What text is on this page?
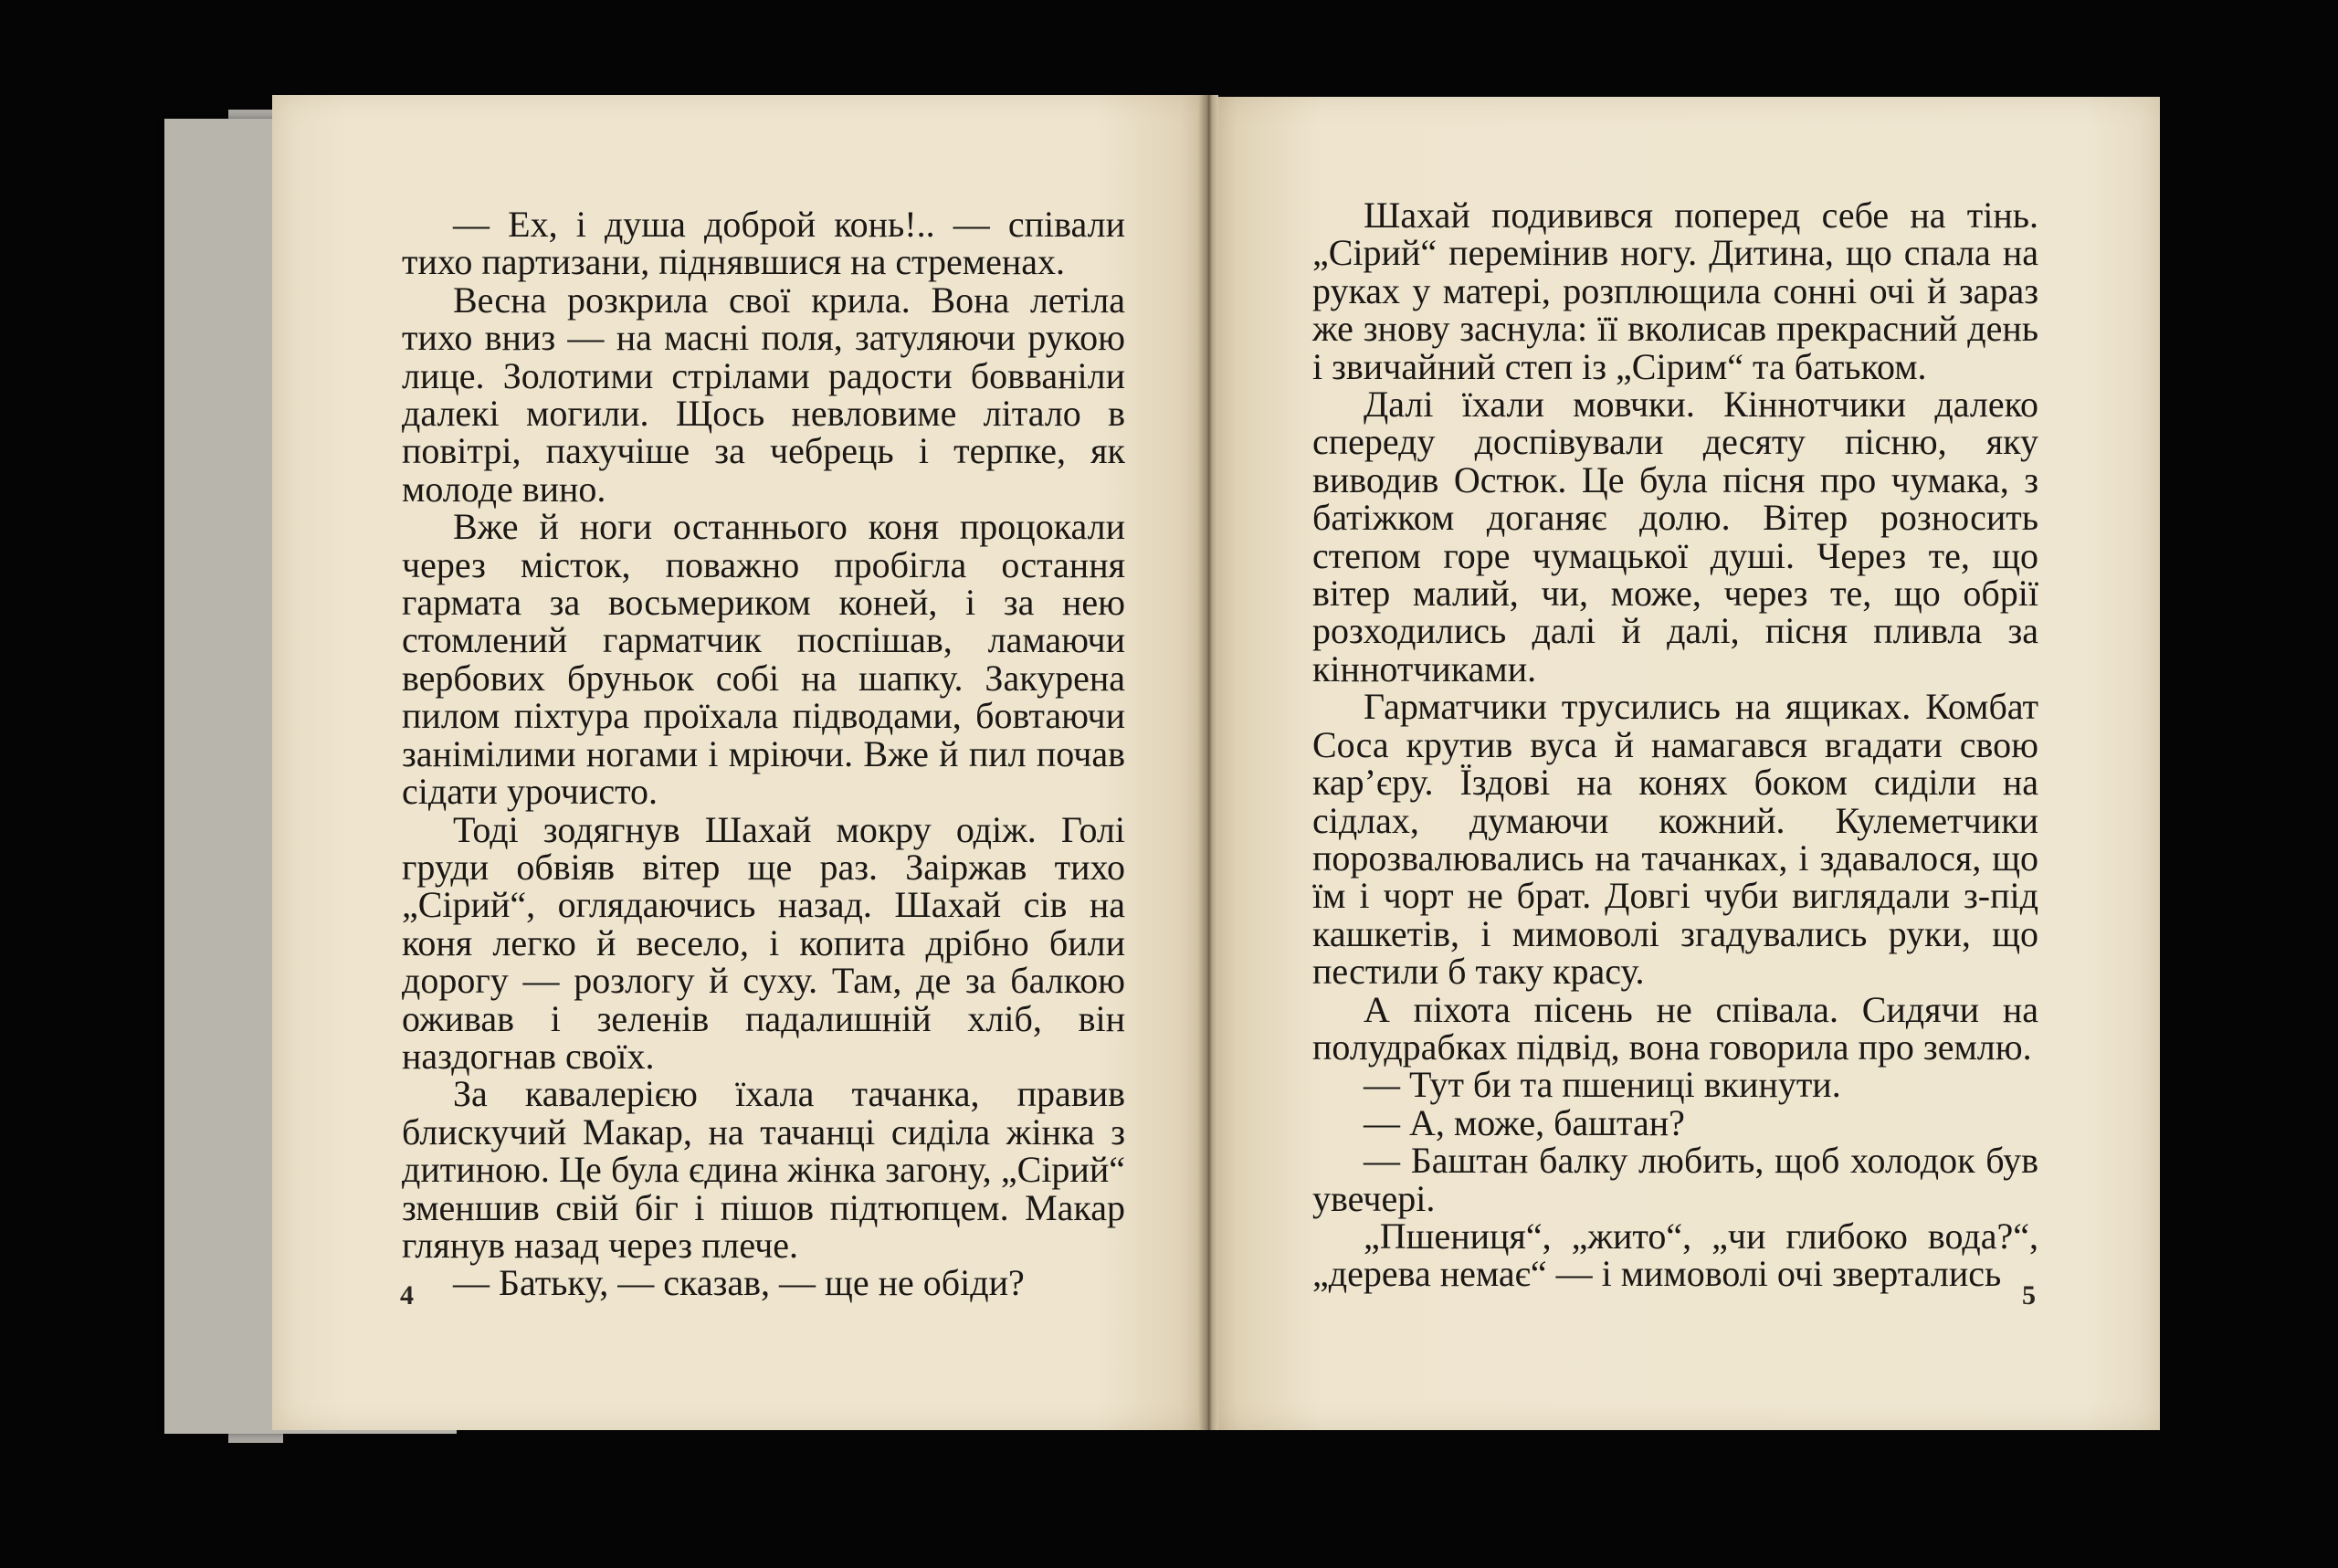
— Ех, і душа доброй конь!.. — співали тихо партизани, піднявшися на стременах.

Весна розкрила свої крила. Вона летіла тихо вниз — на масні поля, затуляючи рукою лице. Золотими стрілами радости бовваніли далекі могили. Щось невловиме літало в повітрі, пахучіше за чебрець і терпке, як молоде вино.

Вже й ноги останнього коня процокали через місток, поважно пробігла остання гармата за восьмериком коней, і за нею стомлений гарматчик поспішав, ламаючи вербових бруньок собі на шапку. Закурена пилом піхтура проїхала підводами, бовтаючи занімілими ногами і мріючи. Вже й пил почав сідати урочисто.

Тоді зодягнув Шахай мокру одіж. Голі груди обвіяв вітер ще раз. Заіржав тихо „Сірий“, оглядаючись назад. Шахай сів на коня легко й весело, і копита дрібно били дорогу — розлогу й суху. Там, де за балкою оживав і зеленів падалишній хліб, він наздогнав своїх.

За кавалерією їхала тачанка, правив блискучий Макар, на тачанці сиділа жінка з дитиною. Це була єдина жінка загону, „Сірий“ зменшив свій біг і пішов підтюпцем. Макар глянув назад через плече.

— Батьку, — сказав, — ще не обіди?

Шахай подивився поперед себе на тінь. „Сірий“ перемінив ногу. Дитина, що спала на руках у матері, розплющила сонні очі й зараз же знову заснула: її вколисав прекрасний день і звичайний степ із „Сірим“ та батьком.

Далі їхали мовчки. Кіннотчики далеко спереду доспівували десяту пісню, яку виводив Остюк. Це була пісня про чумака, з батіжком доганяє долю. Вітер розносить степом горе чумацької душі. Через те, що вітер малий, чи, може, через те, що обрії розходились далі й далі, пісня пливла за кіннотчиками.

Гарматчики трусились на ящиках. Комбат Соса крутив вуса й намагався вгадати свою кар’єру. Їздові на конях боком сиділи на сідлах, думаючи кожний. Кулеметчики порозвалювались на тачанках, і здавалося, що їм і чорт не брат. Довгі чуби виглядали з-під кашкетів, і мимоволі згадувались руки, що пестили б таку красу.

А піхота пісень не співала. Сидячи на полудрабках підвід, вона говорила про землю.

— Тут би та пшениці вкинути.

— А, може, баштан?

— Баштан балку любить, щоб холодок був увечері.

„Пшениця“, „жито“, „чи глибоко вода?“, „дерева немає“ — і мимоволі очі звертались

4	5
